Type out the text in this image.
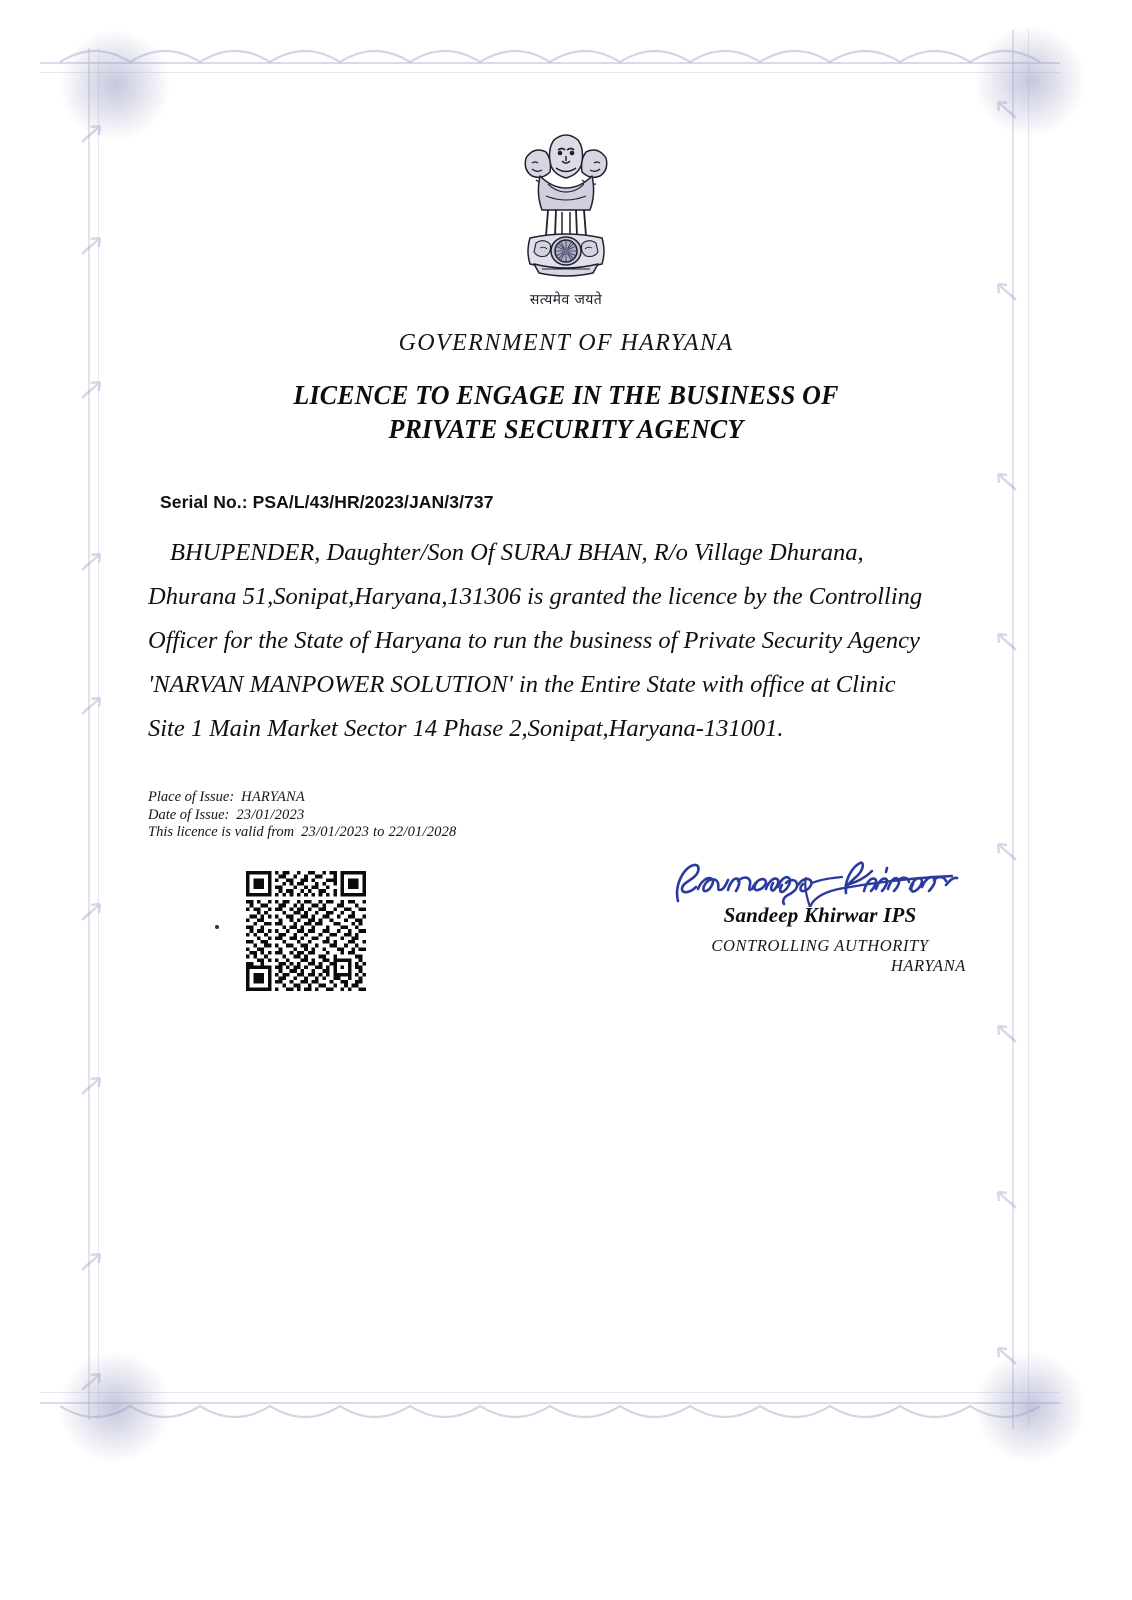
सत्यमेव जयते
GOVERNMENT OF HARYANA
LICENCE TO ENGAGE IN THE BUSINESS OF
PRIVATE SECURITY AGENCY
Serial No.: PSA/L/43/HR/2023/JAN/3/737
BHUPENDER, Daughter/Son Of SURAJ BHAN, R/o Village Dhurana,
Dhurana 51,Sonipat,Haryana,131306 is granted the licence by the Controlling
Officer for the State of Haryana to run the business of Private Security Agency
'NARVAN MANPOWER SOLUTION' in the Entire State with office at Clinic
Site 1 Main Market Sector 14 Phase 2,Sonipat,Haryana-131001.
Place of Issue: HARYANA
Date of Issue: 23/01/2023
This licence is valid from 23/01/2023 to 22/01/2028
Sandeep Khirwar IPS
CONTROLLING AUTHORITY
HARYANA
